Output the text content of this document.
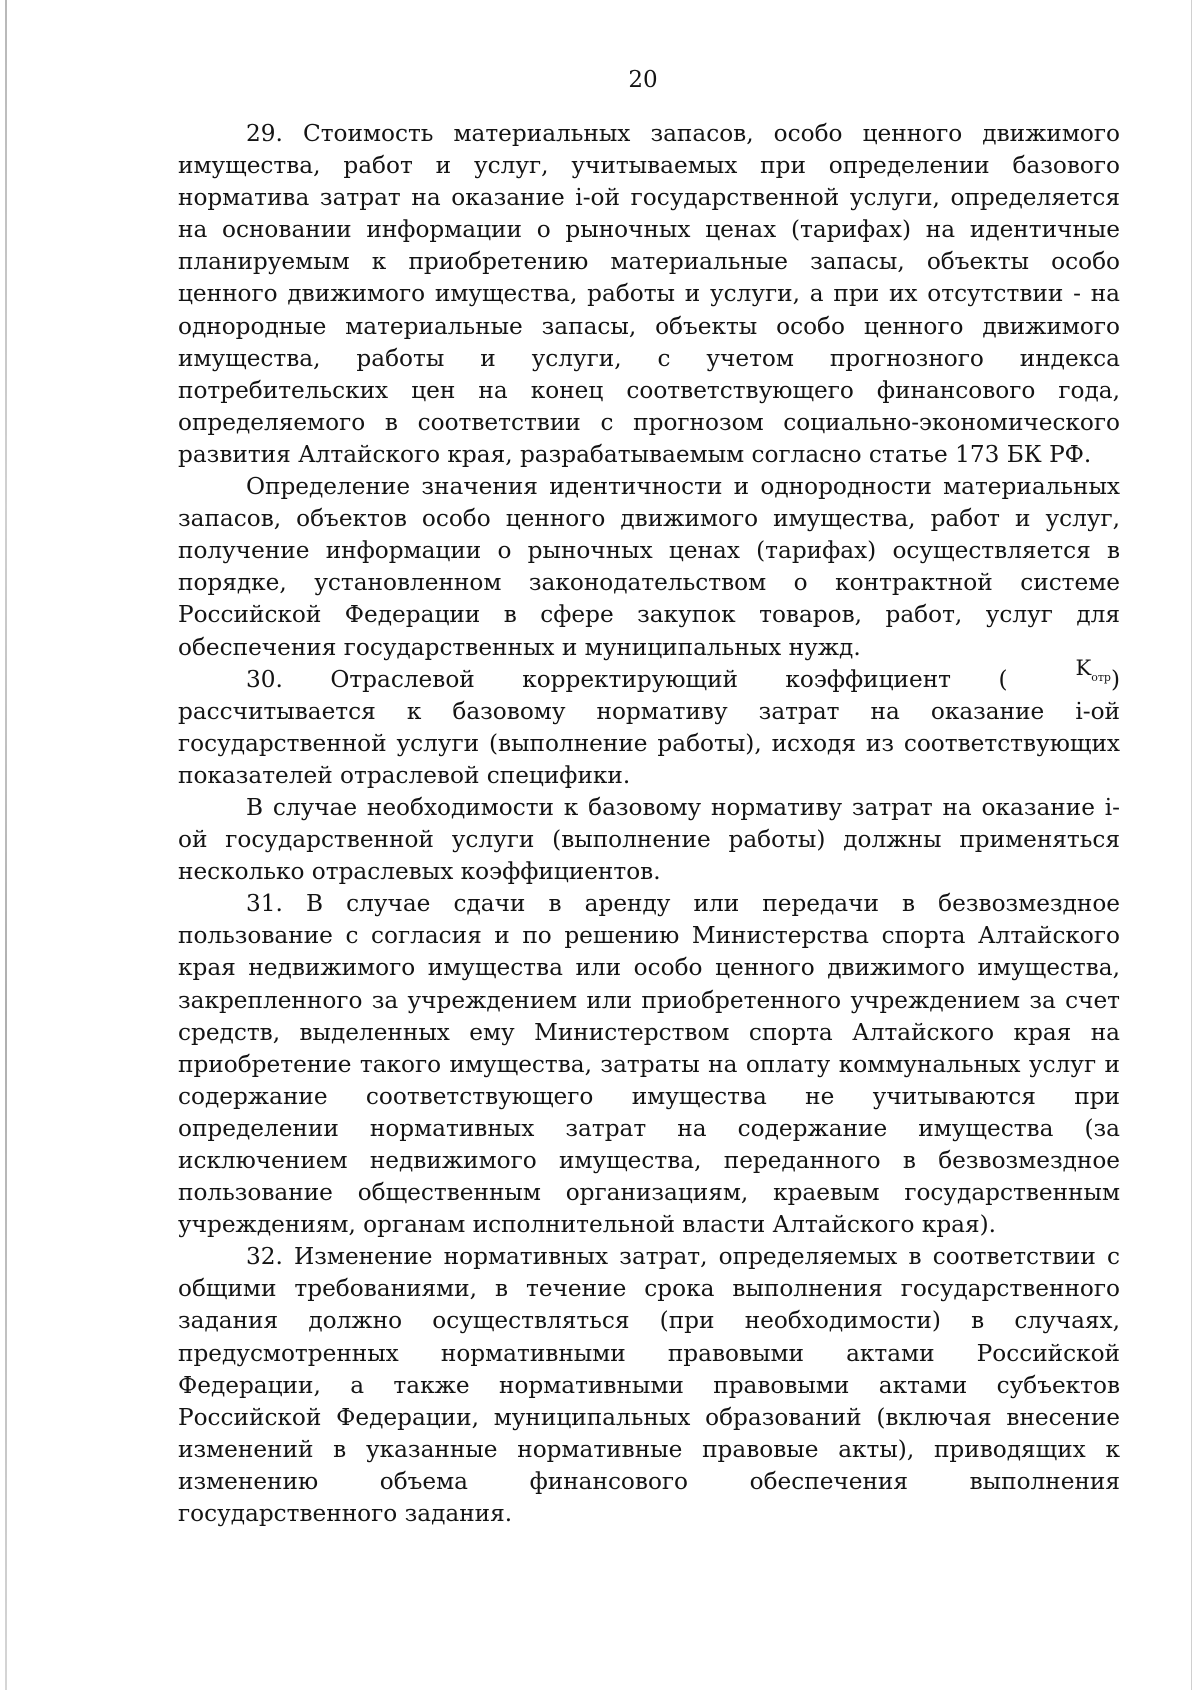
20

29. Стоимость материальных запасов, особо ценного движимого имущества, работ и услуг, учитываемых при определении базового норматива затрат на оказание i-ой государственной услуги, определяется на основании информации о рыночных ценах (тарифах) на идентичные планируемым к приобретению материальные запасы, объекты особо ценного движимого имущества, работы и услуги, а при их отсутствии - на однородные материальные запасы, объекты особо ценного движимого имущества, работы и услуги, с учетом прогнозного индекса потребительских цен на конец соответствующего финансового года, определяемого в соответствии с прогнозом социально-экономического развития Алтайского края, разрабатываемым согласно статье 173 БК РФ.

Определение значения идентичности и однородности материальных запасов, объектов особо ценного движимого имущества, работ и услуг, получение информации о рыночных ценах (тарифах) осуществляется в порядке, установленном законодательством о контрактной системе Российской Федерации в сфере закупок товаров, работ, услуг для обеспечения государственных и муниципальных нужд.

30. Отраслевой корректирующий коэффициент (	$K_{отр}$) рассчитывается к базовому нормативу затрат на оказание i-ой государственной услуги (выполнение работы), исходя из соответствующих показателей отраслевой специфики.

В случае необходимости к базовому нормативу затрат на оказание i-ой государственной услуги (выполнение работы) должны применяться несколько отраслевых коэффициентов.

31. В случае сдачи в аренду или передачи в безвозмездное пользование с согласия и по решению Министерства спорта Алтайского края недвижимого имущества или особо ценного движимого имущества, закрепленного за учреждением или приобретенного учреждением за счет средств, выделенных ему Министерством спорта Алтайского края на приобретение такого имущества, затраты на оплату коммунальных услуг и содержание соответствующего имущества не учитываются при определении нормативных затрат на содержание имущества (за исключением недвижимого имущества, переданного в безвозмездное пользование общественным организациям, краевым государственным учреждениям, органам исполнительной власти Алтайского края).

32. Изменение нормативных затрат, определяемых в соответствии с общими требованиями, в течение срока выполнения государственного задания должно осуществляться (при необходимости) в случаях, предусмотренных нормативными правовыми актами Российской Федерации, а также нормативными правовыми актами субъектов Российской Федерации, муниципальных образований (включая внесение изменений в указанные нормативные правовые акты), приводящих к изменению объема финансового обеспечения выполнения государственного задания.
